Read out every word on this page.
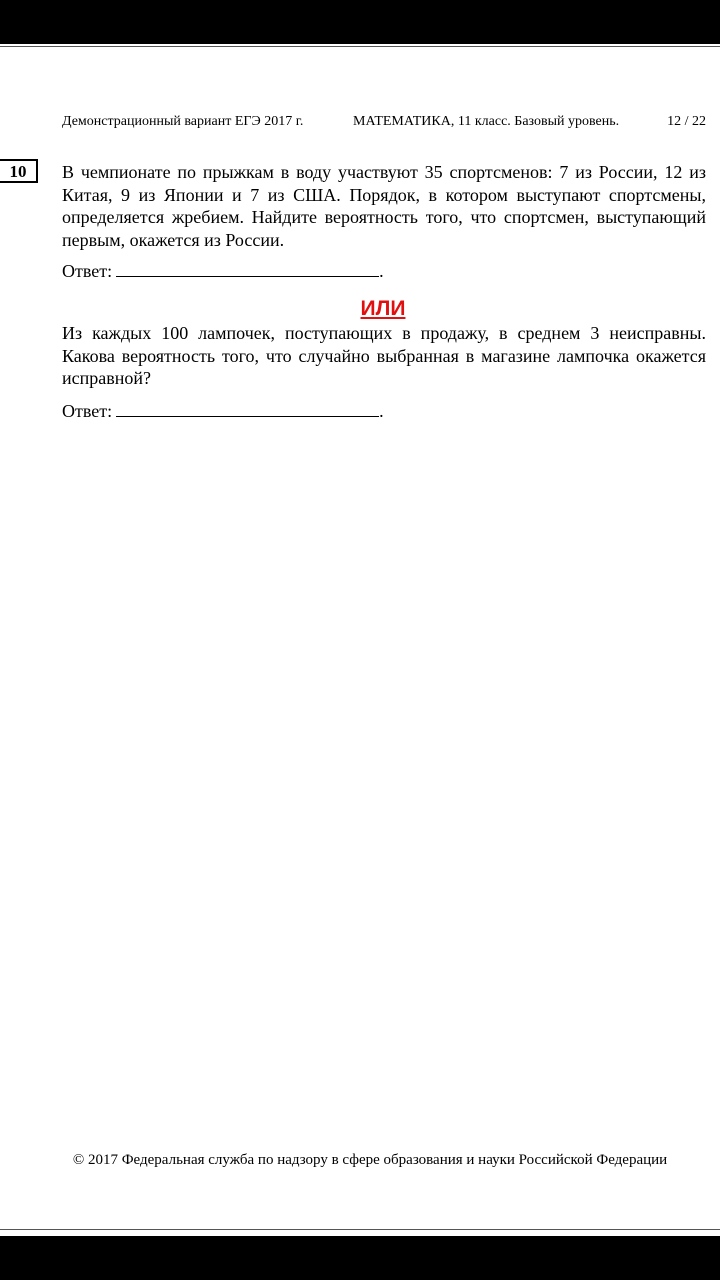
Демонстрационный вариант ЕГЭ 2017 г.	МАТЕМАТИКА, 11 класс. Базовый уровень.	12 / 22
10	В чемпионате по прыжкам в воду участвуют 35 спортсменов: 7 из России, 12 из Китая, 9 из Японии и 7 из США. Порядок, в котором выступают спортсмены, определяется жребием. Найдите вероятность того, что спортсмен, выступающий первым, окажется из России.
Ответ:	.
ИЛИ
Из каждых 100 лампочек, поступающих в продажу, в среднем 3 неисправны. Какова вероятность того, что случайно выбранная в магазине лампочка окажется исправной?
Ответ:	.
© 2017 Федеральная служба по надзору в сфере образования и науки Российской Федерации
